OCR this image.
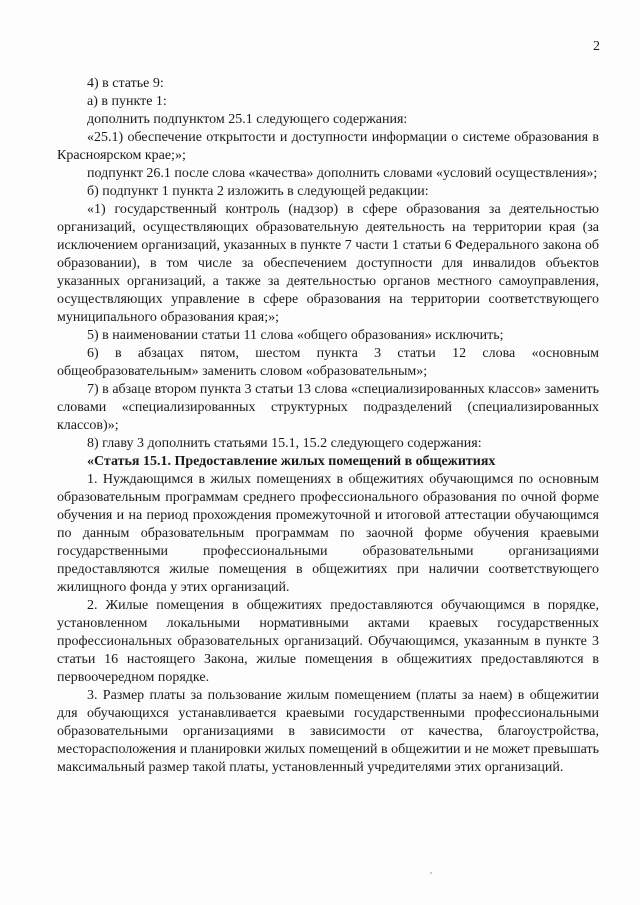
2

4) в статье 9:

а) в пункте 1:

дополнить подпунктом 25.1 следующего содержания:

«25.1) обеспечение открытости и доступности информации о системе образования в Красноярском крае;»;

подпункт 26.1 после слова «качества» дополнить словами «условий осуществления»;

б) подпункт 1 пункта 2 изложить в следующей редакции:

«1) государственный контроль (надзор) в сфере образования за деятельностью организаций, осуществляющих образовательную деятельность на территории края (за исключением организаций, указанных в пункте 7 части 1 статьи 6 Федерального закона об образовании), в том числе за обеспечением доступности для инвалидов объектов указанных организаций, а также за деятельностью органов местного самоуправления, осуществляющих управление в сфере образования на территории соответствующего муниципального образования края;»;

5) в наименовании статьи 11 слова «общего образования» исключить;

6) в абзацах пятом, шестом пункта 3 статьи 12 слова «основным общеобразовательным» заменить словом «образовательным»;

7) в абзаце втором пункта 3 статьи 13 слова «специализированных классов» заменить словами «специализированных структурных подразделений (специализированных классов)»;

8) главу 3 дополнить статьями 15.1, 15.2 следующего содержания:

«Статья 15.1. Предоставление жилых помещений в общежитиях

1. Нуждающимся в жилых помещениях в общежитиях обучающимся по основным образовательным программам среднего профессионального образования по очной форме обучения и на период прохождения промежуточной и итоговой аттестации обучающимся по данным образовательным программам по заочной форме обучения краевыми государственными профессиональными образовательными организациями предоставляются жилые помещения в общежитиях при наличии соответствующего жилищного фонда у этих организаций.

2. Жилые помещения в общежитиях предоставляются обучающимся в порядке, установленном локальными нормативными актами краевых государственных профессиональных образовательных организаций. Обучающимся, указанным в пункте 3 статьи 16 настоящего Закона, жилые помещения в общежитиях предоставляются в первоочередном порядке.

3. Размер платы за пользование жилым помещением (платы за наем) в общежитии для обучающихся устанавливается краевыми государственными профессиональными образовательными организациями в зависимости от качества, благоустройства, месторасположения и планировки жилых помещений в общежитии и не может превышать максимальный размер такой платы, установленный учредителями этих организаций.
